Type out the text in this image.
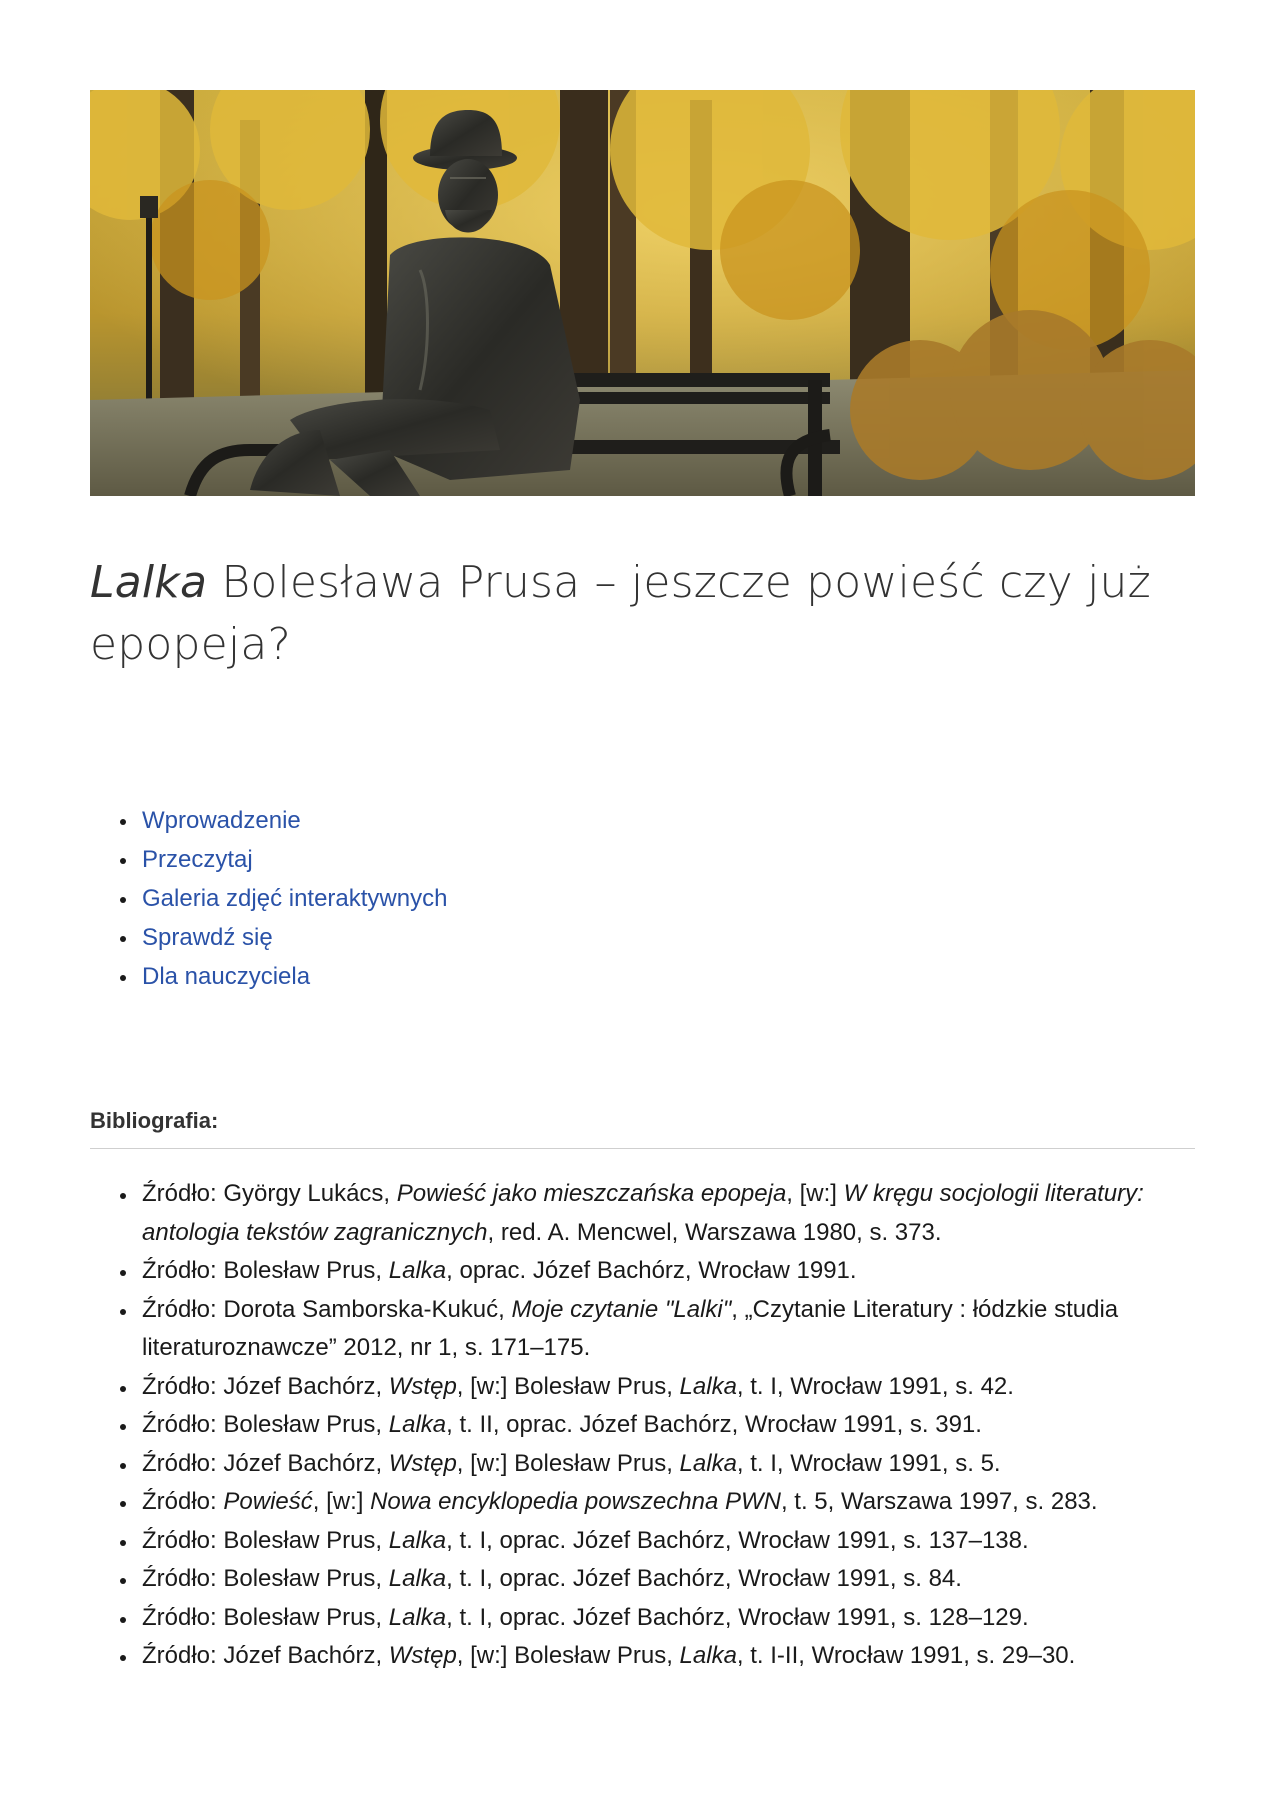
Lalka Bolesława Prusa – jeszcze powieść czy już epopeja?
Wprowadzenie
Przeczytaj
Galeria zdjęć interaktywnych
Sprawdź się
Dla nauczyciela
Bibliografia:
Źródło: György Lukács, Powieść jako mieszczańska epopeja, [w:] W kręgu socjologii literatury: antologia tekstów zagranicznych, red. A. Mencwel, Warszawa 1980, s. 373.
Źródło: Bolesław Prus, Lalka, oprac. Józef Bachórz, Wrocław 1991.
Źródło: Dorota Samborska-Kukuć, Moje czytanie "Lalki", „Czytanie Literatury : łódzkie studia literaturoznawcze” 2012, nr 1, s. 171–175.
Źródło: Józef Bachórz, Wstęp, [w:] Bolesław Prus, Lalka, t. I, Wrocław 1991, s. 42.
Źródło: Bolesław Prus, Lalka, t. II, oprac. Józef Bachórz, Wrocław 1991, s. 391.
Źródło: Józef Bachórz, Wstęp, [w:] Bolesław Prus, Lalka, t. I, Wrocław 1991, s. 5.
Źródło: Powieść, [w:] Nowa encyklopedia powszechna PWN, t. 5, Warszawa 1997, s. 283.
Źródło: Bolesław Prus, Lalka, t. I, oprac. Józef Bachórz, Wrocław 1991, s. 137–138.
Źródło: Bolesław Prus, Lalka, t. I, oprac. Józef Bachórz, Wrocław 1991, s. 84.
Źródło: Bolesław Prus, Lalka, t. I, oprac. Józef Bachórz, Wrocław 1991, s. 128–129.
Źródło: Józef Bachórz, Wstęp, [w:] Bolesław Prus, Lalka, t. I-II, Wrocław 1991, s. 29–30.
